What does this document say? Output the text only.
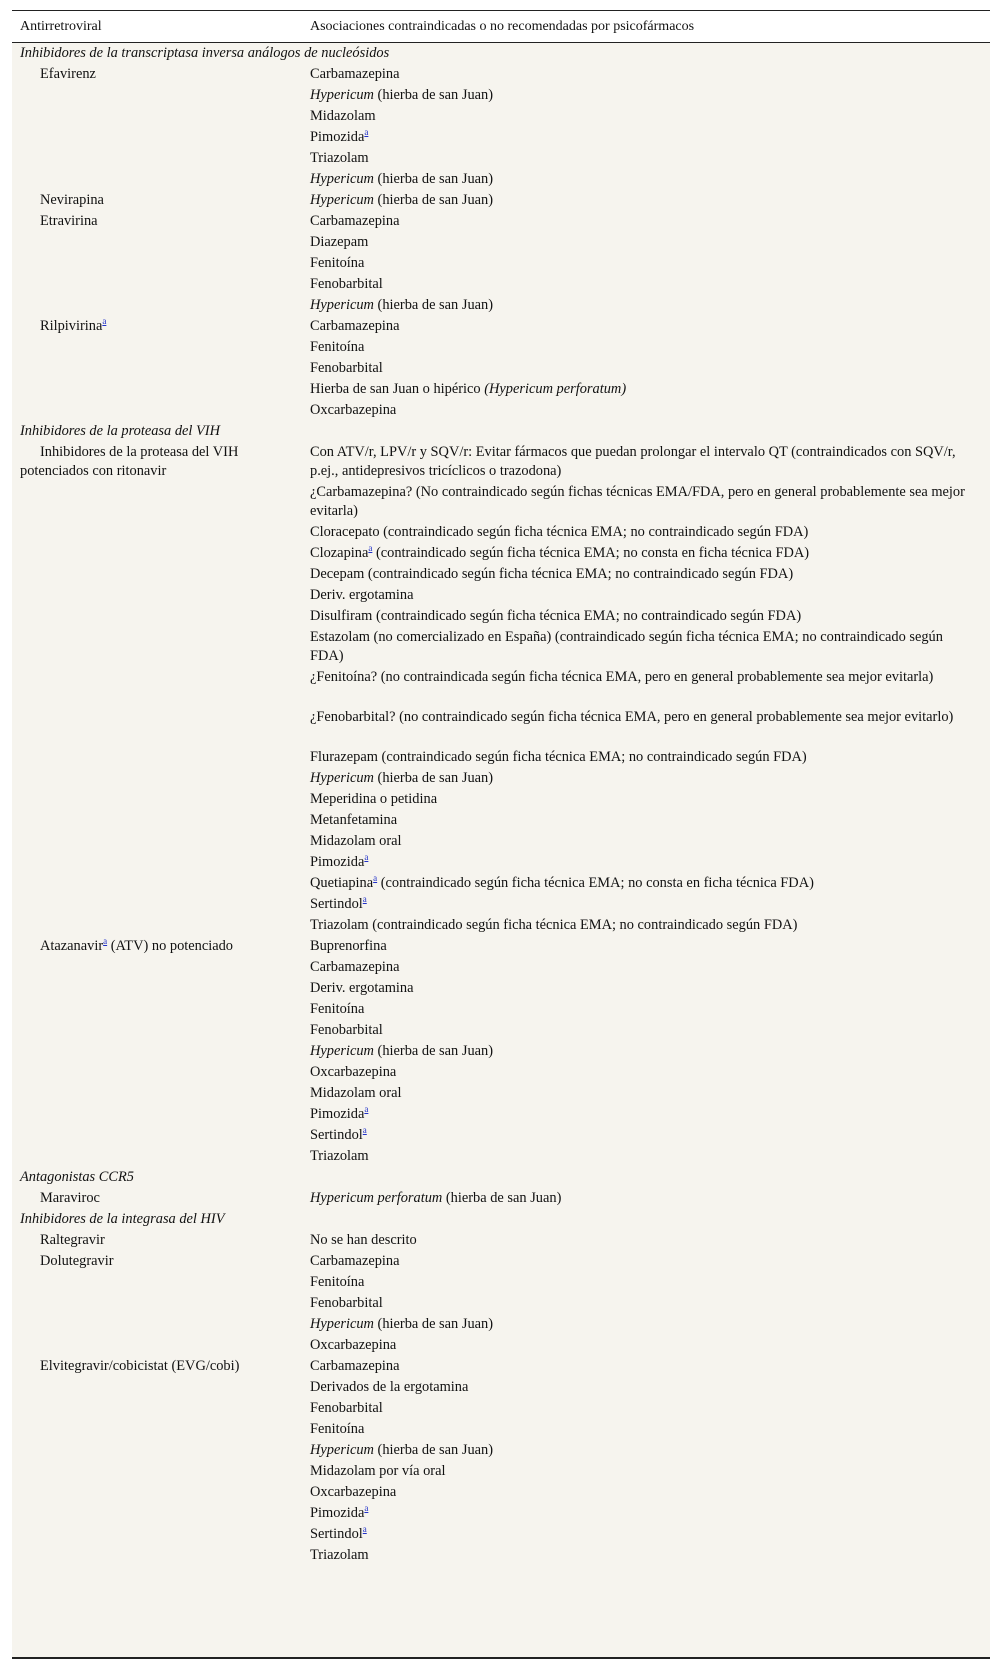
Antirretroviral	Asociaciones contraindicadas o no recomendadas por psicofármacos
Inhibidores de la transcriptasa inversa análogos de nucleósidos
Efavirenz	Carbamazepina
Hypericum (hierba de san Juan)
Midazolam
Pimozida$^a$
Triazolam
Hypericum (hierba de san Juan)
Nevirapina	Hypericum (hierba de san Juan)
Etravirina	Carbamazepina
Diazepam
Fenitoína
Fenobarbital
Hypericum (hierba de san Juan)
Rilpivirina$^a$	Carbamazepina
Fenitoína
Fenobarbital
Hierba de san Juan o hipérico (Hypericum perforatum)
Oxcarbazepina
Inhibidores de la proteasa del VIH
Inhibidores de la proteasa del VIH potenciados con ritonavir
Con ATV/r, LPV/r y SQV/r: Evitar fármacos que puedan prolongar el intervalo QT (contraindicados con SQV/r, p.ej., antidepresivos tricíclicos o trazodona)
¿Carbamazepina? (No contraindicado según fichas técnicas EMA/FDA, pero en general probablemente sea mejor evitarla)
Cloracepato (contraindicado según ficha técnica EMA; no contraindicado según FDA)
Clozapina$^a$ (contraindicado según ficha técnica EMA; no consta en ficha técnica FDA)
Decepam (contraindicado según ficha técnica EMA; no contraindicado según FDA)
Deriv. ergotamina
Disulfiram (contraindicado según ficha técnica EMA; no contraindicado según FDA)
Estazolam (no comercializado en España) (contraindicado según ficha técnica EMA; no contraindicado según FDA)
¿Fenitoína? (no contraindicada según ficha técnica EMA, pero en general probablemente sea mejor evitarla)
¿Fenobarbital? (no contraindicado según ficha técnica EMA, pero en general probablemente sea mejor evitarlo)
Flurazepam (contraindicado según ficha técnica EMA; no contraindicado según FDA)
Hypericum (hierba de san Juan)
Meperidina o petidina
Metanfetamina
Midazolam oral
Pimozida$^a$
Quetiapina$^a$ (contraindicado según ficha técnica EMA; no consta en ficha técnica FDA)
Sertindol$^a$
Triazolam (contraindicado según ficha técnica EMA; no contraindicado según FDA)
Atazanavir$^a$ (ATV) no potenciado	Buprenorfina
Carbamazepina
Deriv. ergotamina
Fenitoína
Fenobarbital
Hypericum (hierba de san Juan)
Oxcarbazepina
Midazolam oral
Pimozida$^a$
Sertindol$^a$
Triazolam
Antagonistas CCR5
Maraviroc	Hypericum perforatum (hierba de san Juan)
Inhibidores de la integrasa del HIV
Raltegravir	No se han descrito
Dolutegravir	Carbamazepina
Fenitoína
Fenobarbital
Hypericum (hierba de san Juan)
Oxcarbazepina
Elvitegravir/cobicistat (EVG/cobi)	Carbamazepina
Derivados de la ergotamina
Fenobarbital
Fenitoína
Hypericum (hierba de san Juan)
Midazolam por vía oral
Oxcarbazepina
Pimozida$^a$
Sertindol$^a$
Triazolam
